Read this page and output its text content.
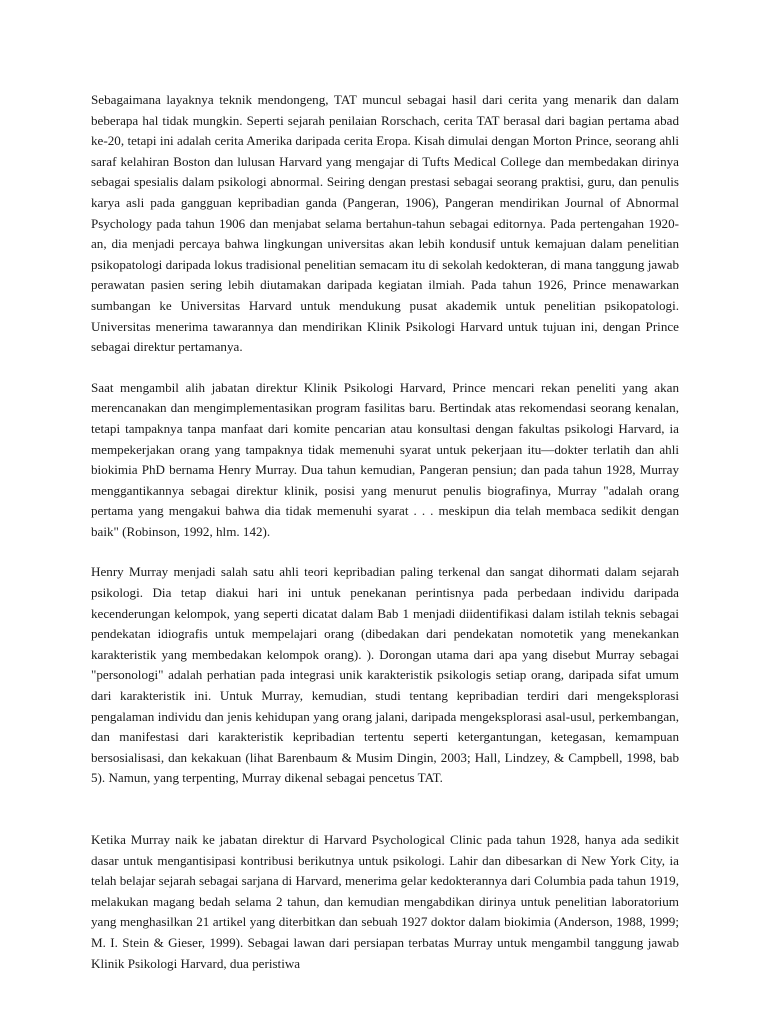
Sebagaimana layaknya teknik mendongeng, TAT muncul sebagai hasil dari cerita yang menarik dan dalam beberapa hal tidak mungkin. Seperti sejarah penilaian Rorschach, cerita TAT berasal dari bagian pertama abad ke-20, tetapi ini adalah cerita Amerika daripada cerita Eropa. Kisah dimulai dengan Morton Prince, seorang ahli saraf kelahiran Boston dan lulusan Harvard yang mengajar di Tufts Medical College dan membedakan dirinya sebagai spesialis dalam psikologi abnormal. Seiring dengan prestasi sebagai seorang praktisi, guru, dan penulis karya asli pada gangguan kepribadian ganda (Pangeran, 1906), Pangeran mendirikan Journal of Abnormal Psychology pada tahun 1906 dan menjabat selama bertahun-tahun sebagai editornya. Pada pertengahan 1920-an, dia menjadi percaya bahwa lingkungan universitas akan lebih kondusif untuk kemajuan dalam penelitian psikopatologi daripada lokus tradisional penelitian semacam itu di sekolah kedokteran, di mana tanggung jawab perawatan pasien sering lebih diutamakan daripada kegiatan ilmiah. Pada tahun 1926, Prince menawarkan sumbangan ke Universitas Harvard untuk mendukung pusat akademik untuk penelitian psikopatologi. Universitas menerima tawarannya dan mendirikan Klinik Psikologi Harvard untuk tujuan ini, dengan Prince sebagai direktur pertamanya.

Saat mengambil alih jabatan direktur Klinik Psikologi Harvard, Prince mencari rekan peneliti yang akan merencanakan dan mengimplementasikan program fasilitas baru. Bertindak atas rekomendasi seorang kenalan, tetapi tampaknya tanpa manfaat dari komite pencarian atau konsultasi dengan fakultas psikologi Harvard, ia mempekerjakan orang yang tampaknya tidak memenuhi syarat untuk pekerjaan itu—dokter terlatih dan ahli biokimia PhD bernama Henry Murray. Dua tahun kemudian, Pangeran pensiun; dan pada tahun 1928, Murray menggantikannya sebagai direktur klinik, posisi yang menurut penulis biografinya, Murray "adalah orang pertama yang mengakui bahwa dia tidak memenuhi syarat . . . meskipun dia telah membaca sedikit dengan baik" (Robinson, 1992, hlm. 142).

Henry Murray menjadi salah satu ahli teori kepribadian paling terkenal dan sangat dihormati dalam sejarah psikologi. Dia tetap diakui hari ini untuk penekanan perintisnya pada perbedaan individu daripada kecenderungan kelompok, yang seperti dicatat dalam Bab 1 menjadi diidentifikasi dalam istilah teknis sebagai pendekatan idiografis untuk mempelajari orang (dibedakan dari pendekatan nomotetik yang menekankan karakteristik yang membedakan kelompok orang). ). Dorongan utama dari apa yang disebut Murray sebagai "personologi" adalah perhatian pada integrasi unik karakteristik psikologis setiap orang, daripada sifat umum dari karakteristik ini. Untuk Murray, kemudian, studi tentang kepribadian terdiri dari mengeksplorasi pengalaman individu dan jenis kehidupan yang orang jalani, daripada mengeksplorasi asal-usul, perkembangan, dan manifestasi dari karakteristik kepribadian tertentu seperti ketergantungan, ketegasan, kemampuan bersosialisasi, dan kekakuan (lihat Barenbaum & Musim Dingin, 2003; Hall, Lindzey, & Campbell, 1998, bab 5). Namun, yang terpenting, Murray dikenal sebagai pencetus TAT.

Ketika Murray naik ke jabatan direktur di Harvard Psychological Clinic pada tahun 1928, hanya ada sedikit dasar untuk mengantisipasi kontribusi berikutnya untuk psikologi. Lahir dan dibesarkan di New York City, ia telah belajar sejarah sebagai sarjana di Harvard, menerima gelar kedokterannya dari Columbia pada tahun 1919, melakukan magang bedah selama 2 tahun, dan kemudian mengabdikan dirinya untuk penelitian laboratorium yang menghasilkan 21 artikel yang diterbitkan dan sebuah 1927 doktor dalam biokimia (Anderson, 1988, 1999; M. I. Stein & Gieser, 1999). Sebagai lawan dari persiapan terbatas Murray untuk mengambil tanggung jawab Klinik Psikologi Harvard, dua peristiwa
